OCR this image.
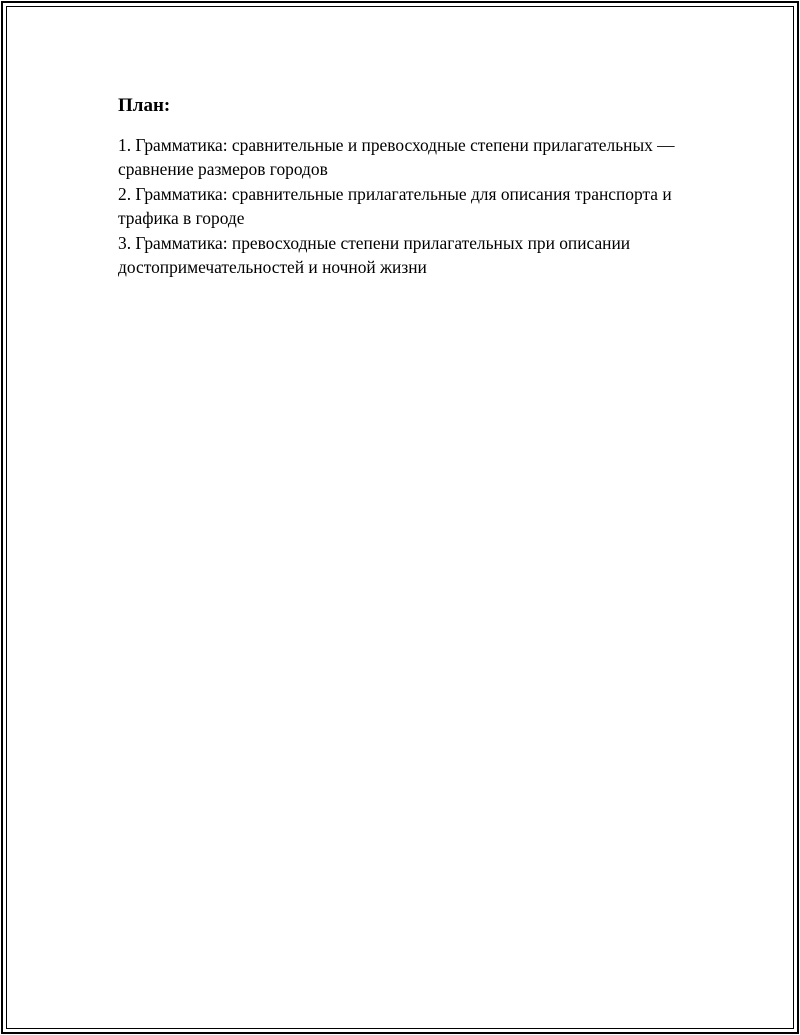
План:
1. Грамматика: сравнительные и превосходные степени прилагательных — сравнение размеров городов
2. Грамматика: сравнительные прилагательные для описания транспорта и трафика в городе
3. Грамматика: превосходные степени прилагательных при описании достопримечательностей и ночной жизни
